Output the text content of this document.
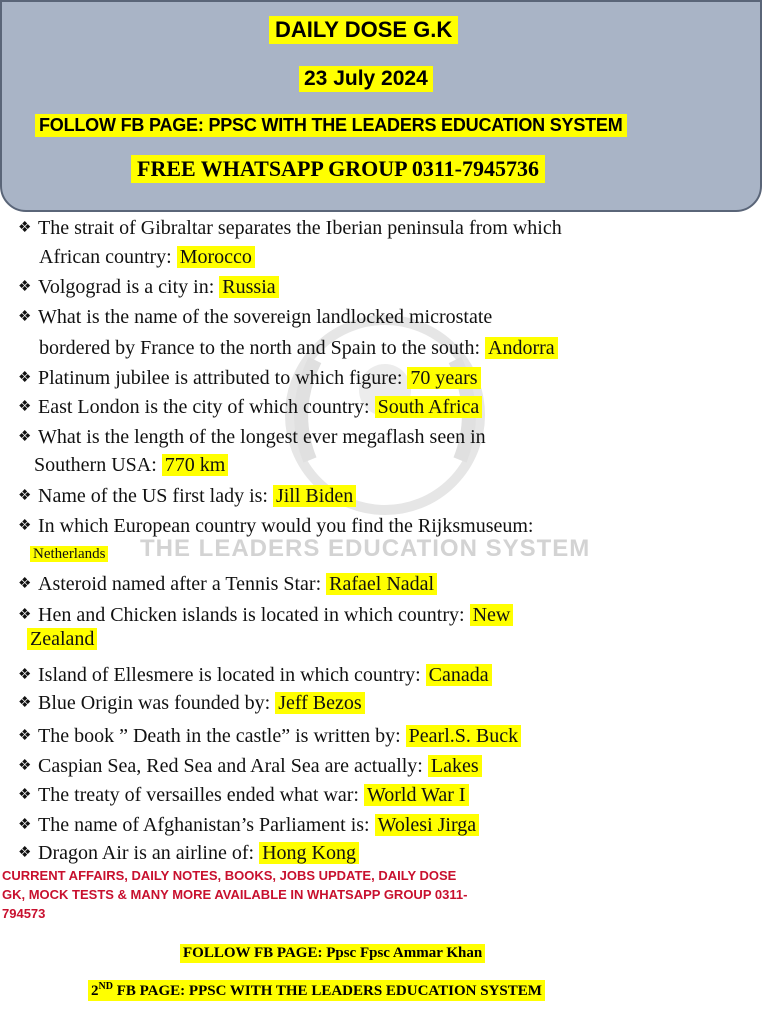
DAILY DOSE G.K
23 July 2024
FOLLOW FB PAGE: PPSC WITH THE LEADERS EDUCATION SYSTEM
FREE WHATSAPP GROUP 0311-7945736
THE LEADERS EDUCATION SYSTEM
❖ The strait of Gibraltar separates the Iberian peninsula from which
African country: Morocco
❖ Volgograd is a city in: Russia
❖ What is the name of the sovereign landlocked microstate
bordered by France to the north and Spain to the south: Andorra
❖ Platinum jubilee is attributed to which figure: 70 years
❖ East London is the city of which country: South Africa
❖ What is the length of the longest ever megaflash seen in
Southern USA: 770 km
❖ Name of the US first lady is: Jill Biden
❖ In which European country would you find the Rijksmuseum:
Netherlands
❖ Asteroid named after a Tennis Star: Rafael Nadal
❖ Hen and Chicken islands is located in which country: New
Zealand
❖ Island of Ellesmere is located in which country: Canada
❖ Blue Origin was founded by: Jeff Bezos
❖ The book ” Death in the castle” is written by: Pearl.S. Buck
❖ Caspian Sea, Red Sea and Aral Sea are actually: Lakes
❖ The treaty of versailles ended what war: World War I
❖ The name of Afghanistan’s Parliament is: Wolesi Jirga
❖ Dragon Air is an airline of: Hong Kong
CURRENT AFFAIRS, DAILY NOTES, BOOKS, JOBS UPDATE, DAILY DOSE
GK, MOCK TESTS & MANY MORE AVAILABLE IN WHATSAPP GROUP 0311-
794573
FOLLOW FB PAGE: Ppsc Fpsc Ammar Khan
2ND FB PAGE: PPSC WITH THE LEADERS EDUCATION SYSTEM
